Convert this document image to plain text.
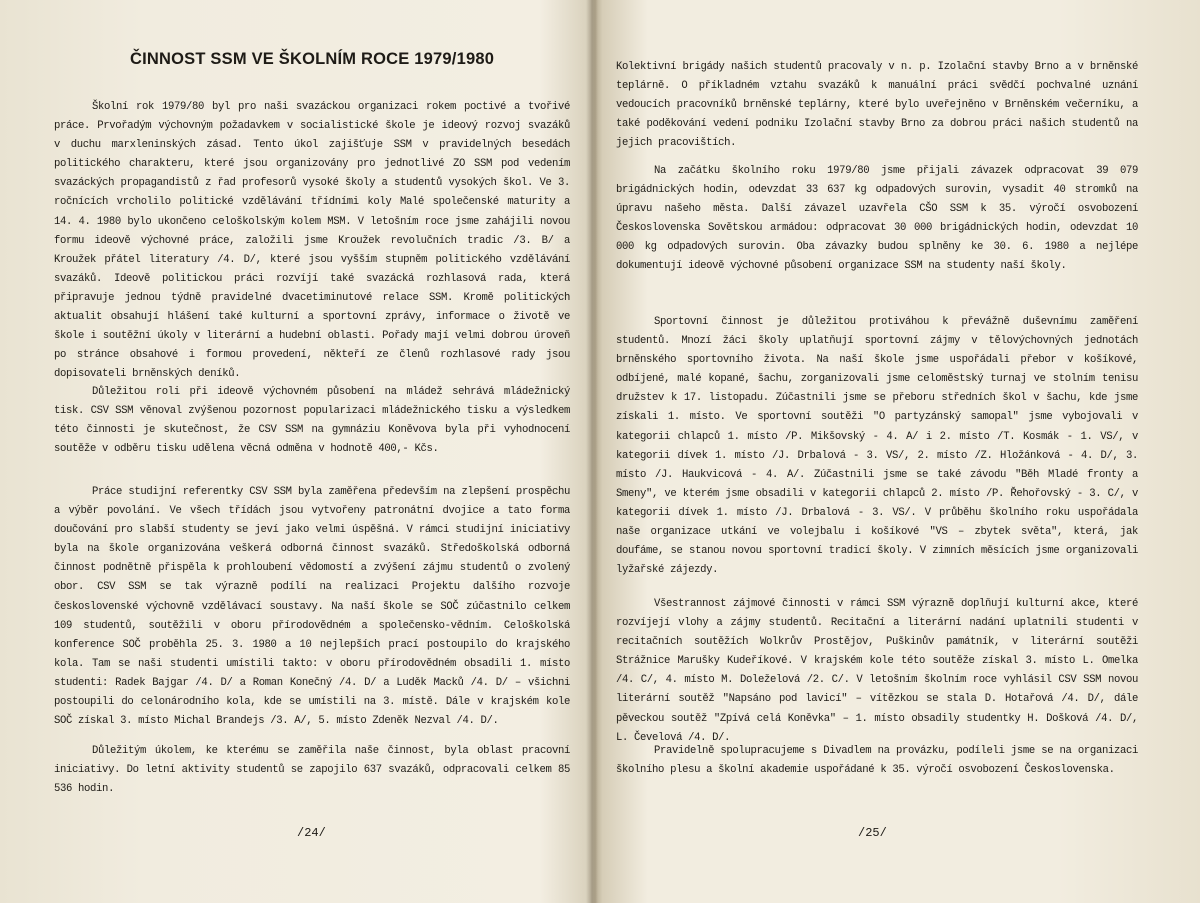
ČINNOST SSM VE ŠKOLNÍM ROCE 1979/1980

Školní rok 1979/80 byl pro naši svazáckou organizaci rokem poctivé a tvořivé práce. Prvořadým výchovným požadavkem v socialistické škole je ideový rozvoj svazáků v duchu marxleninských zásad. Tento úkol zajišťuje SSM v pravidelných besedách politického charakteru, které jsou organizovány pro jednotlivé ZO SSM pod vedením svazáckých propagandistů z řad profesorů vysoké školy a studentů vysokých škol. Ve 3. ročnících vrcholilo politické vzdělávání třídními koly Malé společenské maturity a 14. 4. 1980 bylo ukončeno celoškolským kolem MSM. V letošním roce jsme zahájili novou formu ideově výchovné práce, založili jsme Kroužek revolučních tradic /3. B/ a Kroužek přátel literatury /4. D/, které jsou vyšším stupněm politického vzdělávání svazáků. Ideově politickou práci rozvíjí také svazácká rozhlasová rada, která připravuje jednou týdně pravidelné dvacetiminutové relace SSM. Kromě politických aktualit obsahují hlášení také kulturní a sportovní zprávy, informace o životě ve škole i soutěžní úkoly v literární a hudební oblasti. Pořady mají velmi dobrou úroveň po stránce obsahové i formou provedení, někteří ze členů rozhlasové rady jsou dopisovateli brněnských deníků.

Důležitou roli při ideově výchovném působení na mládež sehrává mládežnický tisk. CSV SSM věnoval zvýšenou pozornost popularizaci mládežnického tisku a výsledkem této činnosti je skutečnost, že CSV SSM na gymnáziu Koněvova byla při vyhodnocení soutěže v odběru tisku udělena věcná odměna v hodnotě 400,- Kčs.

Práce studijní referentky CSV SSM byla zaměřena především na zlepšení prospěchu a výběr povolání. Ve všech třídách jsou vytvořeny patronátní dvojice a tato forma doučování pro slabší studenty se jeví jako velmi úspěšná. V rámci studijní iniciativy byla na škole organizována veškerá odborná činnost svazáků. Středoškolská odborná činnost podnětně přispěla k prohloubení vědomostí a zvýšení zájmu studentů o zvolený obor. CSV SSM se tak výrazně podílí na realizaci Projektu dalšího rozvoje československé výchovně vzdělávací soustavy. Na naší škole se SOČ zúčastnilo celkem 109 studentů, soutěžili v oboru přírodovědném a společensko-vědním. Celoškolská konference SOČ proběhla 25. 3. 1980 a 10 nejlepších prací postoupilo do krajského kola. Tam se naši studenti umístili takto: v oboru přírodovědném obsadili 1. místo studenti: Radek Bajgar /4. D/ a Roman Konečný /4. D/ a Luděk Macků /4. D/ – všichni postoupili do celonárodního kola, kde se umístili na 3. místě. Dále v krajském kole SOČ získal 3. místo Michal Brandejs /3. A/, 5. místo Zdeněk Nezval /4. D/.

Důležitým úkolem, ke kterému se zaměřila naše činnost, byla oblast pracovní iniciativy. Do letní aktivity studentů se zapojilo 637 svazáků, odpracovali celkem 85 536 hodin.

/24/

Kolektivní brigády našich studentů pracovaly v n. p. Izolační stavby Brno a v brněnské teplárně. O příkladném vztahu svazáků k manuální práci svědčí pochvalné uznání vedoucích pracovníků brněnské teplárny, které bylo uveřejněno v Brněnském večerníku, a také poděkování vedení podniku Izolační stavby Brno za dobrou práci našich studentů na jejich pracovištích.

Na začátku školního roku 1979/80 jsme přijali závazek odpracovat 39 079 brigádnických hodin, odevzdat 33 637 kg odpadových surovin, vysadit 40 stromků na úpravu našeho města. Další závazel uzavřela CŠO SSM k 35. výročí osvobození Československa Sovětskou armádou: odpracovat 30 000 brigádnických hodin, odevzdat 10 000 kg odpadových surovin. Oba závazky budou splněny ke 30. 6. 1980 a nejlépe dokumentují ideově výchovné působení organizace SSM na studenty naší školy.

Sportovní činnost je důležitou protiváhou k převážně duševnímu zaměření studentů. Mnozí žáci školy uplatňují sportovní zájmy v tělovýchovných jednotách brněnského sportovního života. Na naší škole jsme uspořádali přebor v košíkové, odbíjené, malé kopané, šachu, zorganizovali jsme celoměstský turnaj ve stolním tenisu družstev k 17. listopadu. Zúčastnili jsme se přeboru středních škol v šachu, kde jsme získali 1. místo. Ve sportovní soutěži "O partyzánský samopal" jsme vybojovali v kategorii chlapců 1. místo /P. Mikšovský - 4. A/ i 2. místo /T. Kosmák - 1. VS/, v kategorii dívek 1. místo /J. Drbalová - 3. VS/, 2. místo /Z. Hložánková - 4. D/, 3. místo /J. Haukvicová - 4. A/. Zúčastnili jsme se také závodu "Běh Mladé fronty a Smeny", ve kterém jsme obsadili v kategorii chlapců 2. místo /P. Řehořovský - 3. C/, v kategorii dívek 1. místo /J. Drbalová - 3. VS/. V průběhu školního roku uspořádala naše organizace utkání ve volejbalu i košíkové "VS – zbytek světa", která, jak doufáme, se stanou novou sportovní tradicí školy. V zimních měsících jsme organizovali lyžařské zájezdy.

Všestrannost zájmové činnosti v rámci SSM výrazně doplňují kulturní akce, které rozvíjejí vlohy a zájmy studentů. Recitační a literární nadání uplatnili studenti v recitačních soutěžích Wolkrův Prostějov, Puškinův památník, v literární soutěži Strážnice Marušky Kudeříkové. V krajském kole této soutěže získal 3. místo L. Omelka /4. C/, 4. místo M. Doleželová /2. C/. V letošním školním roce vyhlásil CSV SSM novou literární soutěž "Napsáno pod lavicí" – vítězkou se stala D. Hotařová /4. D/, dále pěveckou soutěž "Zpívá celá Koněvka" – 1. místo obsadily studentky H. Došková /4. D/, L. Čevelová /4. D/.

Pravidelně spolupracujeme s Divadlem na provázku, podíleli jsme se na organizaci školního plesu a školní akademie uspořádané k 35. výročí osvobození Československa.

/25/
